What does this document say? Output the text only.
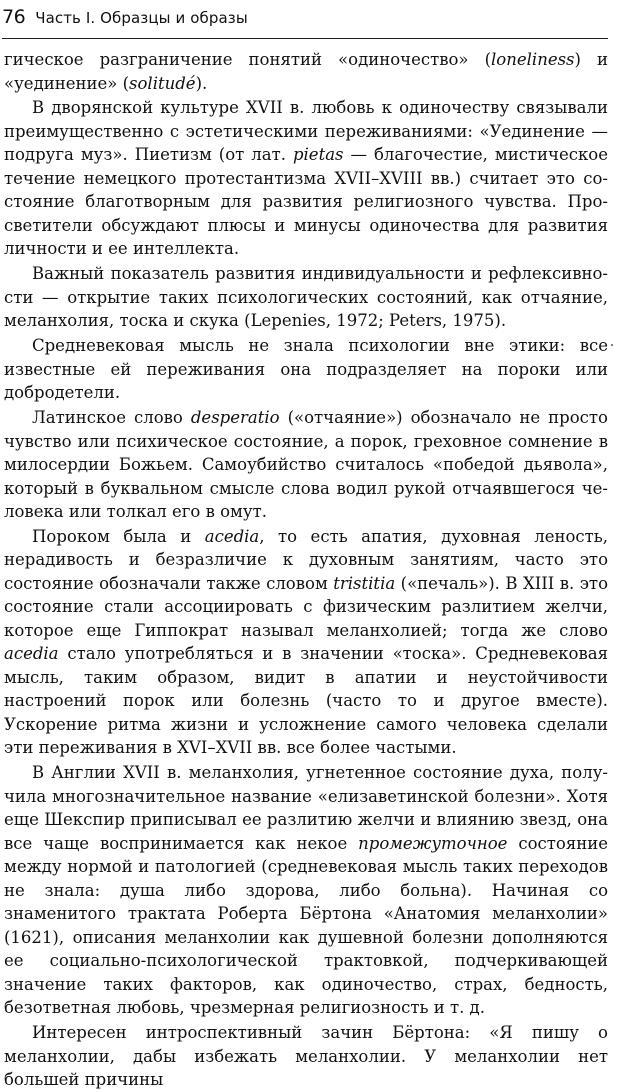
76 Часть I. Образцы и образы

гическое разграничение понятий «одиночество» (loneliness) и «уединение» (solitudé).

В дворянской культуре XVII в. любовь к одиночеству связывали преимущественно с эстетическими переживаниями: «Уединение — подруга муз». Пиетизм (от лат. pietas — благочестие, мистическое течение немецкого протестантизма XVII–XVIII вв.) считает это состояние благотворным для развития религиозного чувства. Просветители обсуждают плюсы и минусы одиночества для развития личности и ее интеллекта.

Важный показатель развития индивидуальности и рефлексивности — открытие таких психологических состояний, как отчаяние, меланхолия, тоска и скука (Lepenies, 1972; Peters, 1975).

Средневековая мысль не знала психологии вне этики: все известные ей переживания она подразделяет на пороки или добродетели.

Латинское слово desperatio («отчаяние») обозначало не просто чувство или психическое состояние, а порок, греховное сомнение в милосердии Божьем. Самоубийство считалось «победой дьявола», который в буквальном смысле слова водил рукой отчаявшегося человека или толкал его в омут.

Пороком была и acedia, то есть апатия, духовная леность, нерадивость и безразличие к духовным занятиям, часто это состояние обозначали также словом tristitia («печаль»). В XIII в. это состояние стали ассоциировать с физическим разлитием желчи, которое еще Гиппократ называл меланхолией; тогда же слово acedia стало употребляться и в значении «тоска». Средневековая мысль, таким образом, видит в апатии и неустойчивости настроений порок или болезнь (часто то и другое вместе). Ускорение ритма жизни и усложнение самого человека сделали эти переживания в XVI–XVII вв. все более частыми.

В Англии XVII в. меланхолия, угнетенное состояние духа, получила многозначительное название «елизаветинской болезни». Хотя еще Шекспир приписывал ее разлитию желчи и влиянию звезд, она все чаще воспринимается как некое промежуточное состояние между нормой и патологией (средневековая мысль таких переходов не знала: душа либо здорова, либо больна). Начиная со знаменитого трактата Роберта Бёртона «Анатомия меланхолии» (1621), описания меланхолии как душевной болезни дополняются ее социально-психологической трактовкой, подчеркивающей значение таких факторов, как одиночество, страх, бедность, безответная любовь, чрезмерная религиозность и т. д.

Интересен интроспективный зачин Бёртона: «Я пишу о меланхолии, дабы избежать меланхолии. У меланхолии нет большей причины
